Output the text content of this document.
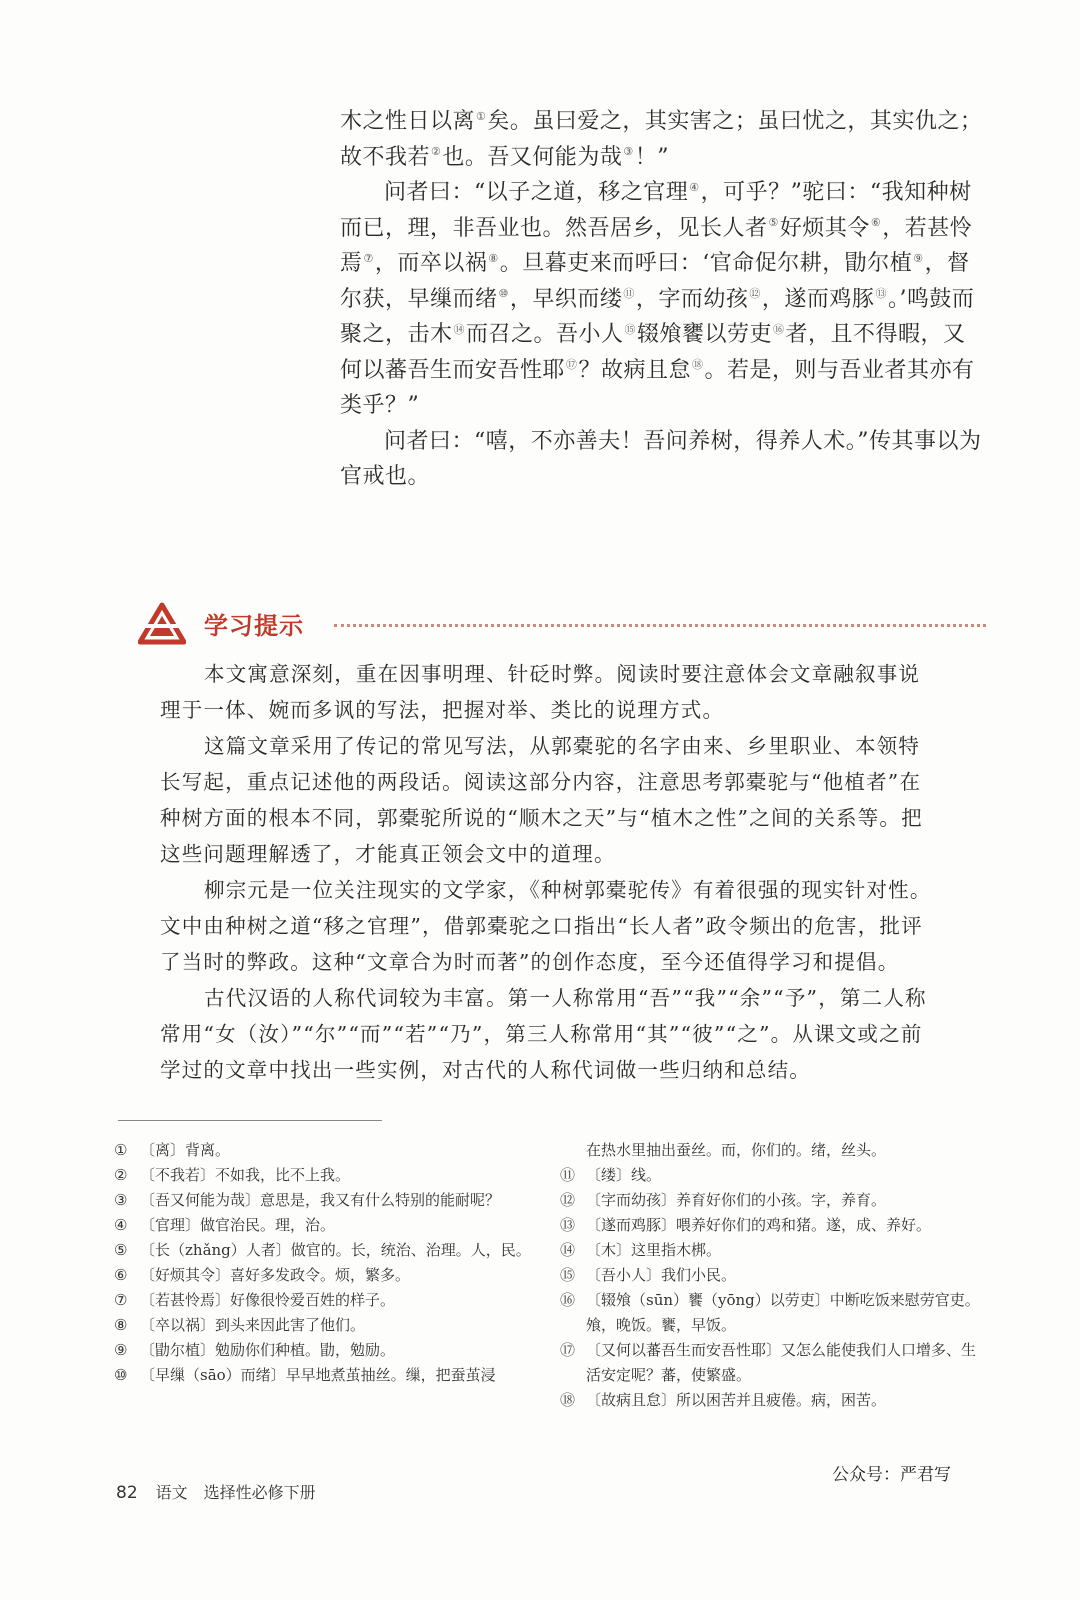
木之性日以离①矣。虽曰爱之，其实害之；虽曰忧之，其实仇之；故不我若②也。吾又何能为哉③！”

问者曰：“以子之道，移之官理④，可乎？”驼曰：“我知种树而已，理，非吾业也。然吾居乡，见长人者⑤好烦其令⑥，若甚怜焉⑦，而卒以祸⑧。旦暮吏来而呼曰：‘官命促尔耕，勖尔植⑨，督尔获，早缫而绪⑩，早织而缕⑪，字而幼孩⑫，遂而鸡豚⑬。’鸣鼓而聚之，击木⑭而召之。吾小人⑮辍飧饔以劳吏⑯者，且不得暇，又何以蕃吾生而安吾性耶⑰？故病且怠⑱。若是，则与吾业者其亦有类乎？”

问者曰：“嘻，不亦善夫！吾问养树，得养人术。”传其事以为官戒也。

学习提示

本文寓意深刻，重在因事明理、针砭时弊。阅读时要注意体会文章融叙事说理于一体、婉而多讽的写法，把握对举、类比的说理方式。

这篇文章采用了传记的常见写法，从郭橐驼的名字由来、乡里职业、本领特长写起，重点记述他的两段话。阅读这部分内容，注意思考郭橐驼与“他植者”在种树方面的根本不同，郭橐驼所说的“顺木之天”与“植木之性”之间的关系等。把这些问题理解透了，才能真正领会文中的道理。

柳宗元是一位关注现实的文学家，《种树郭橐驼传》有着很强的现实针对性。文中由种树之道“移之官理”，借郭橐驼之口指出“长人者”政令频出的危害，批评了当时的弊政。这种“文章合为时而著”的创作态度，至今还值得学习和提倡。

古代汉语的人称代词较为丰富。第一人称常用“吾”“我”“余”“予”，第二人称常用“女（汝）”“尔”“而”“若”“乃”，第三人称常用“其”“彼”“之”。从课文或之前学过的文章中找出一些实例，对古代的人称代词做一些归纳和总结。

① 〔离〕背离。
② 〔不我若〕不如我，比不上我。
③ 〔吾又何能为哉〕意思是，我又有什么特别的能耐呢？
④ 〔官理〕做官治民。理，治。
⑤ 〔长（zhǎng）人者〕做官的。长，统治、治理。人，民。
⑥ 〔好烦其令〕喜好多发政令。烦，繁多。
⑦ 〔若甚怜焉〕好像很怜爱百姓的样子。
⑧ 〔卒以祸〕到头来因此害了他们。
⑨ 〔勖尔植〕勉励你们种植。勖，勉励。
⑩ 〔早缫（sāo）而绪〕早早地煮茧抽丝。缫，把蚕茧浸
在热水里抽出蚕丝。而，你们的。绪，丝头。
⑪ 〔缕〕线。
⑫ 〔字而幼孩〕养育好你们的小孩。字，养育。
⑬ 〔遂而鸡豚〕喂养好你们的鸡和猪。遂，成、养好。
⑭ 〔木〕这里指木梆。
⑮ 〔吾小人〕我们小民。
⑯ 〔辍飧（sūn）饔（yōng）以劳吏〕中断吃饭来慰劳官吏。飧，晚饭。饔，早饭。
⑰ 〔又何以蕃吾生而安吾性耶〕又怎么能使我们人口增多、生活安定呢？蕃，使繁盛。
⑱ 〔故病且怠〕所以困苦并且疲倦。病，困苦。
公众号：严君写
82 语文　选择性必修下册
